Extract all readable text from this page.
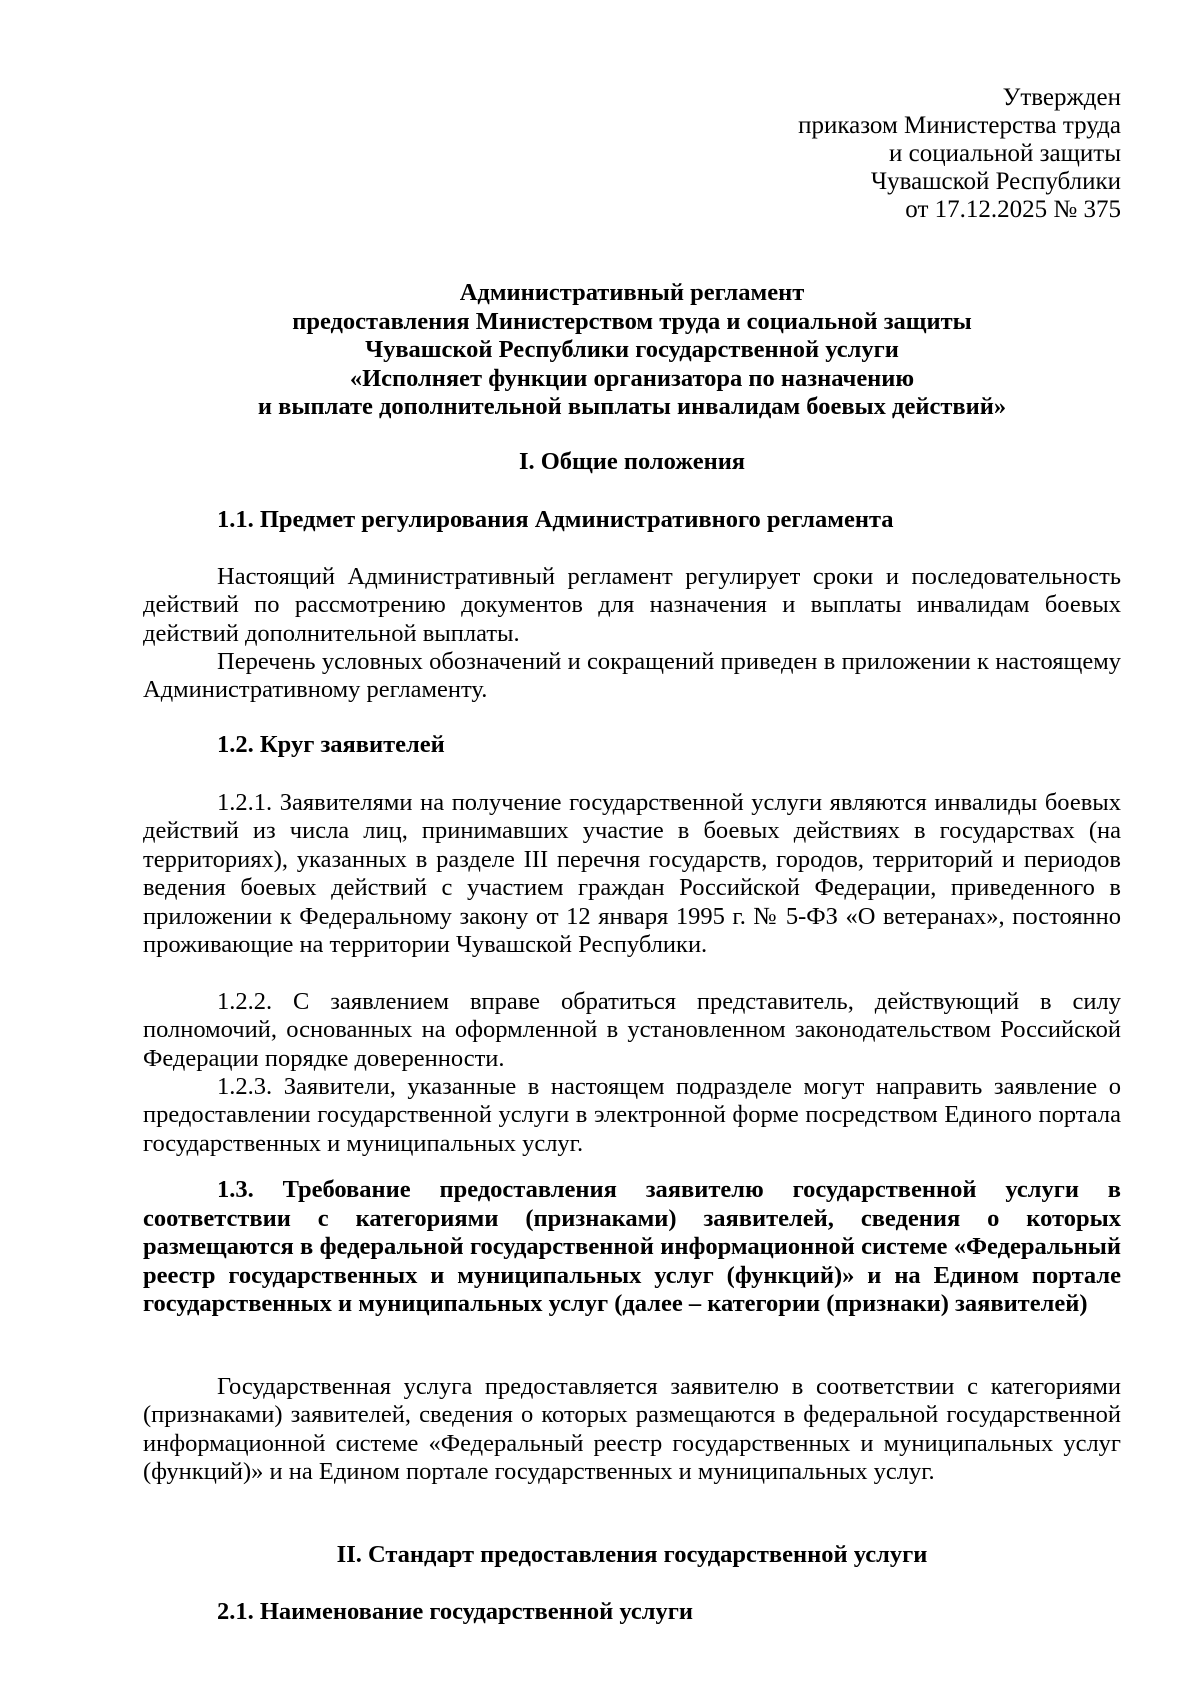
Утвержден
приказом Министерства труда
и социальной защиты
Чувашской Республики
от 17.12.2025 № 375
Административный регламент
предоставления Министерством труда и социальной защиты
Чувашской Республики государственной услуги
«Исполняет функции организатора по назначению
и выплате дополнительной выплаты инвалидам боевых действий»
I. Общие положения
1.1. Предмет регулирования Административного регламента

Настоящий Административный регламент регулирует сроки и последовательность действий по рассмотрению документов для назначения и выплаты инвалидам боевых действий дополнительной выплаты.

Перечень условных обозначений и сокращений приведен в приложении к настоящему Административному регламенту.

1.2. Круг заявителей

1.2.1. Заявителями на получение государственной услуги являются инвалиды боевых действий из числа лиц, принимавших участие в боевых действиях в государствах (на территориях), указанных в разделе III перечня государств, городов, территорий и периодов ведения боевых действий с участием граждан Российской Федерации, приведенного в приложении к Федеральному закону от 12 января 1995 г. № 5-ФЗ «О ветеранах», постоянно проживающие на территории Чувашской Республики.

1.2.2. С заявлением вправе обратиться представитель, действующий в силу полномочий, основанных на оформленной в установленном законодательством Российской Федерации порядке доверенности.

1.2.3. Заявители, указанные в настоящем подразделе могут направить заявление о предоставлении государственной услуги в электронной форме посредством Единого портала государственных и муниципальных услуг.

1.3. Требование предоставления заявителю государственной услуги в соответствии с категориями (признаками) заявителей, сведения о которых размещаются в федеральной государственной информационной системе «Федеральный реестр государственных и муниципальных услуг (функций)» и на Едином портале государственных и муниципальных услуг (далее – категории (признаки) заявителей)

Государственная услуга предоставляется заявителю в соответствии с категориями (признаками) заявителей, сведения о которых размещаются в федеральной государственной информационной системе «Федеральный реестр государственных и муниципальных услуг (функций)» и на Едином портале государственных и муниципальных услуг.

II. Стандарт предоставления государственной услуги
2.1. Наименование государственной услуги
